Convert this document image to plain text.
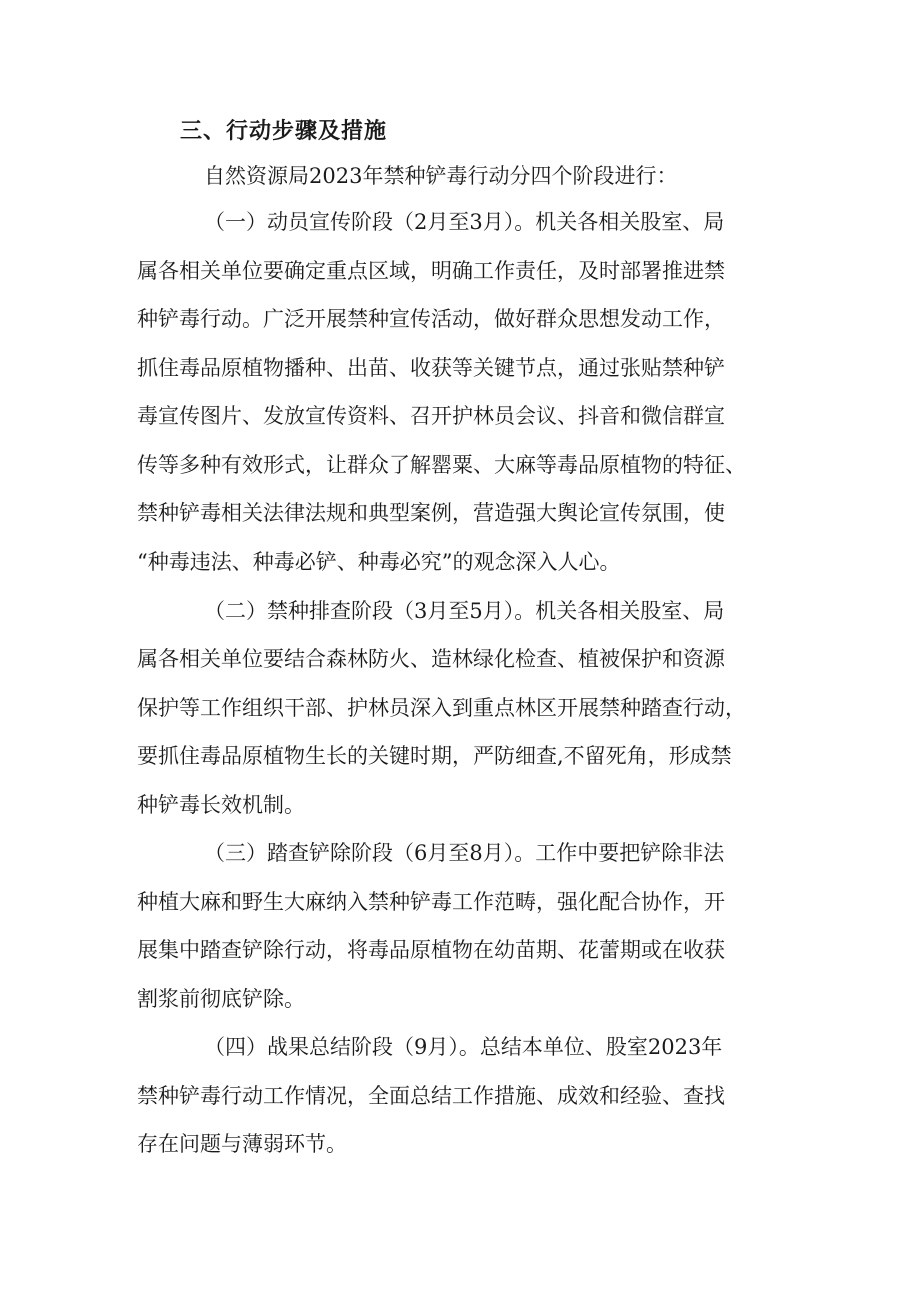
三、行动步骤及措施

自然资源局2023年禁种铲毒行动分四个阶段进行：

（一）动员宣传阶段（2月至3月）。机关各相关股室、局

属各相关单位要确定重点区域，明确工作责任，及时部署推进禁

种铲毒行动。广泛开展禁种宣传活动，做好群众思想发动工作，

抓住毒品原植物播种、出苗、收获等关键节点，通过张贴禁种铲

毒宣传图片、发放宣传资料、召开护林员会议、抖音和微信群宣

传等多种有效形式，让群众了解罂粟、大麻等毒品原植物的特征、

禁种铲毒相关法律法规和典型案例，营造强大舆论宣传氛围，使

“种毒违法、种毒必铲、种毒必究”的观念深入人心。

（二）禁种排查阶段（3月至5月）。机关各相关股室、局

属各相关单位要结合森林防火、造林绿化检查、植被保护和资源

保护等工作组织干部、护林员深入到重点林区开展禁种踏查行动，

要抓住毒品原植物生长的关键时期，严防细查,不留死角，形成禁

种铲毒长效机制。

（三）踏查铲除阶段（6月至8月）。工作中要把铲除非法

种植大麻和野生大麻纳入禁种铲毒工作范畴，强化配合协作，开

展集中踏查铲除行动，将毒品原植物在幼苗期、花蕾期或在收获

割浆前彻底铲除。

（四）战果总结阶段（9月）。总结本单位、股室2023年

禁种铲毒行动工作情况，全面总结工作措施、成效和经验、查找

存在问题与薄弱环节。
